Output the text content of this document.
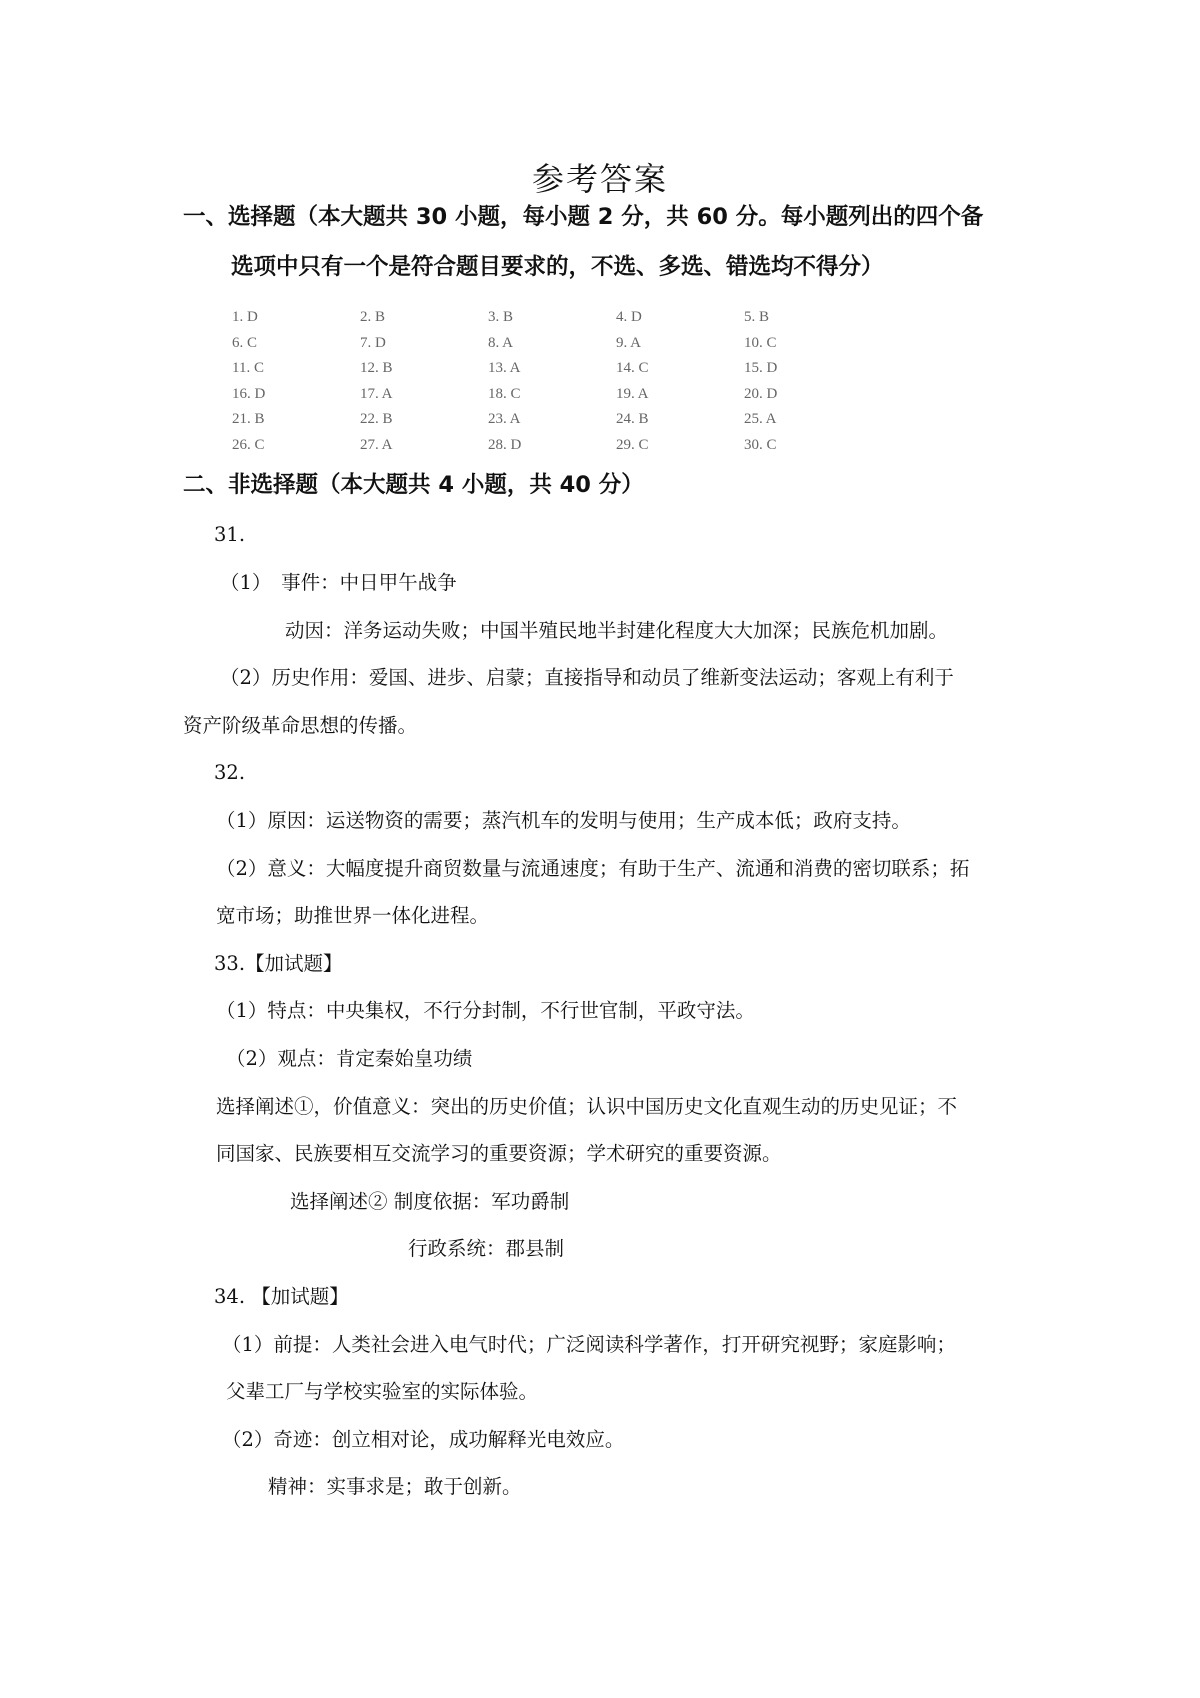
参考答案
一、选择题（本大题共 30 小题，每小题 2 分，共 60 分。每小题列出的四个备
选项中只有一个是符合题目要求的，不选、多选、错选均不得分）
1. D	2. B	3. B	4. D	5. B
6. C	7. D	8. A	9. A	10. C
11. C	12. B	13. A	14. C	15. D
16. D	17. A	18. C	19. A	20. D
21. B	22. B	23. A	24. B	25. A
26. C	27. A	28. D	29. C	30. C
二、非选择题（本大题共 4 小题，共 40 分）
31.
（1）　事件：中日甲午战争
动因：洋务运动失败；中国半殖民地半封建化程度大大加深；民族危机加剧。
（2）历史作用：爱国、进步、启蒙；直接指导和动员了维新变法运动；客观上有利于
资产阶级革命思想的传播。
32.
（1）原因：运送物资的需要；蒸汽机车的发明与使用；生产成本低；政府支持。
（2）意义：大幅度提升商贸数量与流通速度；有助于生产、流通和消费的密切联系；拓
宽市场；助推世界一体化进程。
33.【加试题】
（1）特点：中央集权，不行分封制，不行世官制，平政守法。
（2）观点：肯定秦始皇功绩
选择阐述①，价值意义：突出的历史价值；认识中国历史文化直观生动的历史见证；不
同国家、民族要相互交流学习的重要资源；学术研究的重要资源。
选择阐述② 制度依据：军功爵制
行政系统：郡县制
34. 【加试题】
（1）前提：人类社会进入电气时代；广泛阅读科学著作，打开研究视野；家庭影响；
父辈工厂与学校实验室的实际体验。
（2）奇迹：创立相对论，成功解释光电效应。
精神：实事求是；敢于创新。
